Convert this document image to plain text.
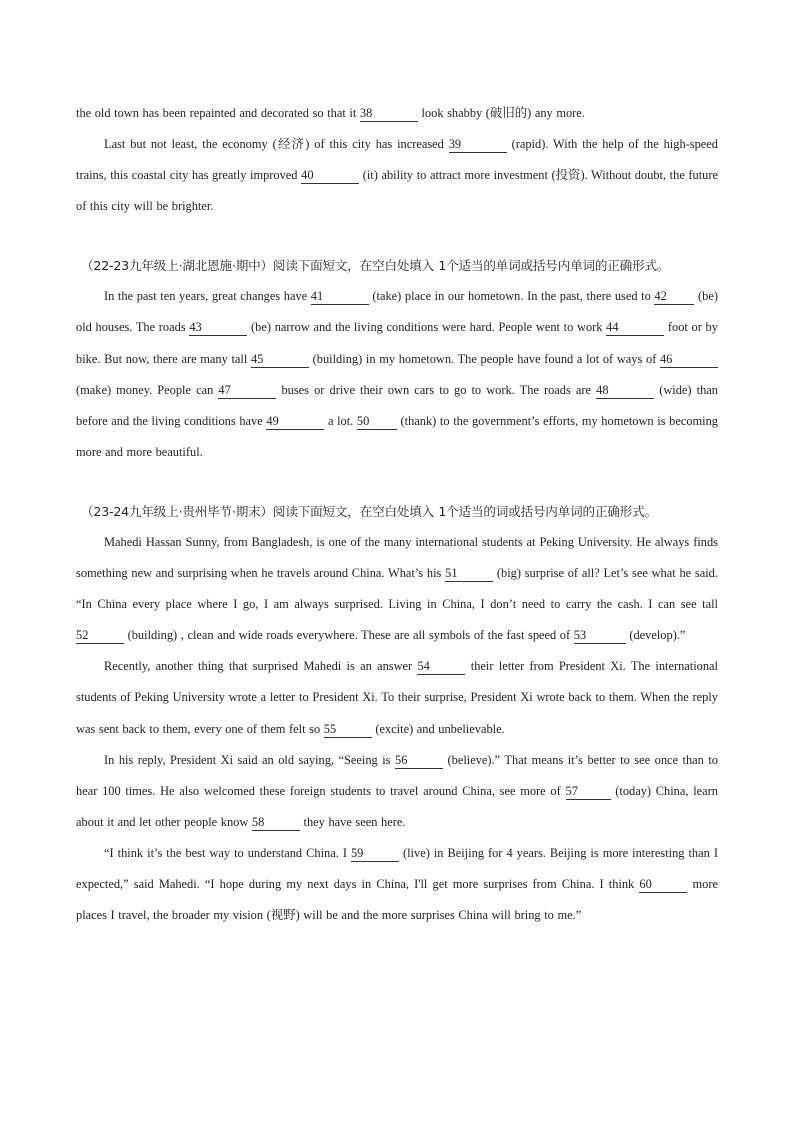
the old town has been repainted and decorated so that it 38	look shabby (破旧的) any more.

Last but not least, the economy (经济) of this city has increased 39	(rapid). With the help of the high-speed trains, this coastal city has greatly improved 40	(it) ability to attract more investment (投资). Without doubt, the future of this city will be brighter.

（22-23九年级上·湖北恩施·期中）阅读下面短文，在空白处填入 1个适当的单词或括号内单词的正确形式。

In the past ten years, great changes have 41	(take) place in our hometown. In the past, there used to 42	(be) old houses. The roads 43	(be) narrow and the living conditions were hard. People went to work 44	foot or by bike. But now, there are many tall 45	(building) in my hometown. The people have found a lot of ways of 46 (make) money. People can 47	buses or drive their own cars to go to work. The roads are 48	(wide) than before and the living conditions have 49	a lot. 50	(thank) to the government’s efforts, my hometown is becoming more and more beautiful.

（23-24九年级上·贵州毕节·期末）阅读下面短文，在空白处填入 1个适当的词或括号内单词的正确形式。

Mahedi Hassan Sunny, from Bangladesh, is one of the many international students at Peking University. He always finds something new and surprising when he travels around China. What’s his 51	(big) surprise of all? Let’s see what he said. “In China every place where I go, I am always surprised. Living in China, I don’t need to carry the cash. I can see tall 52	(building) , clean and wide roads everywhere. These are all symbols of the fast speed of 53	(develop).”

Recently, another thing that surprised Mahedi is an answer 54	their letter from President Xi. The international students of Peking University wrote a letter to President Xi. To their surprise, President Xi wrote back to them. When the reply was sent back to them, every one of them felt so 55	(excite) and unbelievable.

In his reply, President Xi said an old saying, “Seeing is 56	(believe).” That means it’s better to see once than to hear 100 times. He also welcomed these foreign students to travel around China, see more of 57	(today) China, learn about it and let other people know 58	they have seen here.

“I think it’s the best way to understand China. I 59	(live) in Beijing for 4 years. Beijing is more interesting than I expected,” said Mahedi. “I hope during my next days in China, I'll get more surprises from China. I think 60	more places I travel, the broader my vision (视野) will be and the more surprises China will bring to me.”
